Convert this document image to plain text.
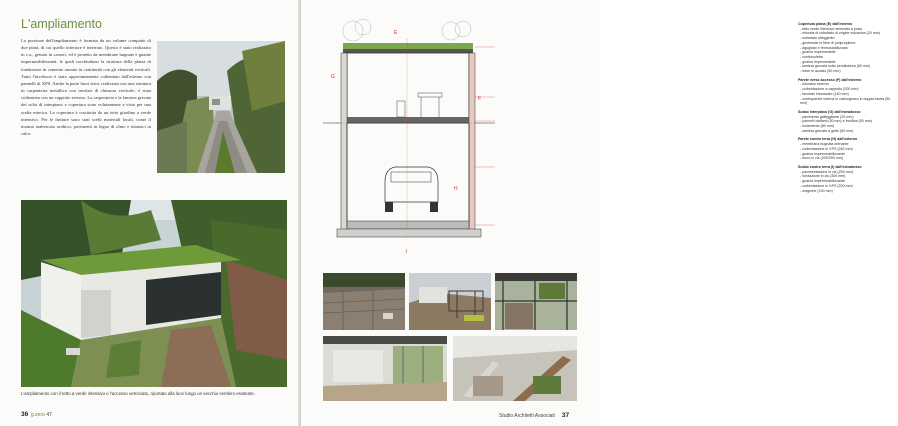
L'ampliamento
La porzione dell'ampliamento è formata da un volume compatto di due piani, di cui quello inferiore è interrato. Questo è stato realizzato in c.a., gettato in casseri, ed è protetto da membrane bugnate e guaine impermeabilizzanti, le quali racchiudono la struttura della platea di fondazione in cemento armato in continuità con gli elementi verticali. Tutto l'involucro è stato opportunamente coibentato dall'esterno con pannelli di XPS. Anche la parte fuori terra, realizzata con una struttura in carpenteria metallica con tavolati di chiusura verticale, è stata coibentata con un cappotto esterno. La carpenteria e la lamiera grecata dei solai di interpiano e copertura sono volutamente a vista per una scelta estetica. La copertura è costituita da un tetto giardino a verde intensivo. Per le finiture sono stati scelti materiali locali, come il marmo arabescato orobico, pavimenti in legno di olmo e intonaci in calce.
L'ampliamento con il tetto a verde intensivo e l'accesso vetrociato, riportato alla luce lungo un vecchio sentiero esistente.
36 g.zero 47
E
F
G
H
I
Copertura piana (E) dall'esterno
- tetto verde intensivo seminato a prato
- miscela di substrato di origine vulcanica (20 mm)
- substrato alleggerito
- geotessile in fibre di polipropilene
- agugliato e termostabilizzato
- guaina impermeabile
- controsoletta
- guaina impermeabile
- lamiera grecata sotto pendinatura (60 mm)
- trave in acciaio (80 mm)
Parete verso accesso (F) dall'esterno
- intonaco esterno
- coibentazione a cappotto (200 mm)
- tavolato intonacato (140 mm)
- controparete interna in cartongesso in doppia lastra (50 mm)
Solaio interpiano (G) dall'estradosso
- pavimento galleggiante (20 mm)
- pannelli radianti (50 mm) e livellina (50 mm)
- isolamento (80 mm)
- lamiera grecata a getto (60 mm)
Parete contro terra (H) dall'esterno
- membrana bugnata drenante
- coibentazione in XPS (240 mm)
- guaina impermeabilizzante
- muro in cls (200/250 mm)
Solaio contro terra (I) dall'estradosso
- pavimentazione in cls (200 mm)
- fondazione in cls (300 mm)
- guaina impermeabilizzante
- coibentazione in XPS (200 mm)
- magrone (100 mm)
Studio Architetti Associati 37
